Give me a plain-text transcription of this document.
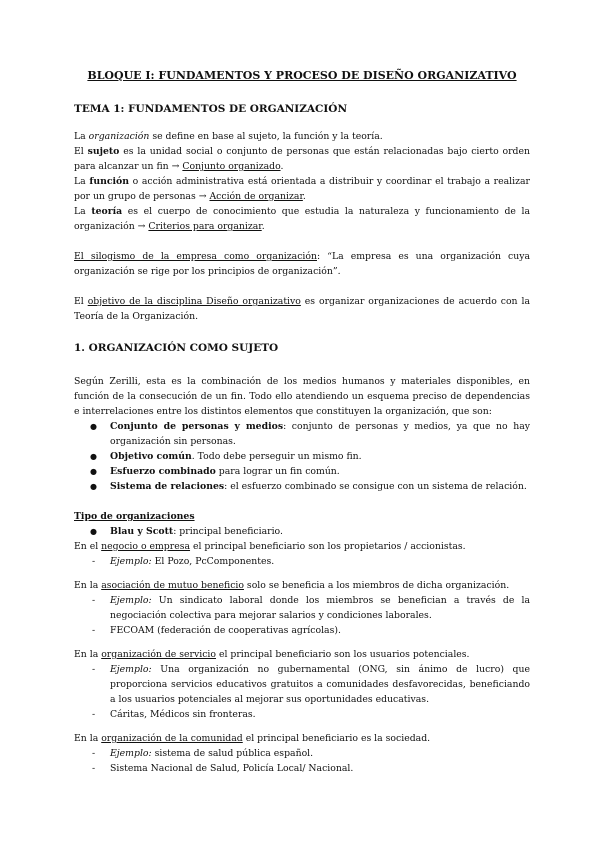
BLOQUE I: FUNDAMENTOS Y PROCESO DE DISEÑO ORGANIZATIVO
TEMA 1: FUNDAMENTOS DE ORGANIZACIÓN

La organización se define en base al sujeto, la función y la teoría.

El sujeto es la unidad social o conjunto de personas que están relacionadas bajo cierto orden para alcanzar un fin → Conjunto organizado.

La función o acción administrativa está orientada a distribuir y coordinar el trabajo a realizar por un grupo de personas → Acción de organizar.

La teoría es el cuerpo de conocimiento que estudia la naturaleza y funcionamiento de la organización → Criterios para organizar.

El silogismo de la empresa como organización: “La empresa es una organización cuya organización se rige por los principios de organización”.

El objetivo de la disciplina Diseño organizativo es organizar organizaciones de acuerdo con la Teoría de la Organización.

1. ORGANIZACIÓN COMO SUJETO

Según Zerilli, esta es la combinación de los medios humanos y materiales disponibles, en función de la consecución de un fin. Todo ello atendiendo un esquema preciso de dependencias e interrelaciones entre los distintos elementos que constituyen la organización, que son:

● Conjunto de personas y medios: conjunto de personas y medios, ya que no hay organización sin personas.
● Objetivo común. Todo debe perseguir un mismo fin.
● Esfuerzo combinado para lograr un fin común.
● Sistema de relaciones: el esfuerzo combinado se consigue con un sistema de relación.

Tipo de organizaciones

● Blau y Scott: principal beneficiario.

En el negocio o empresa el principal beneficiario son los propietarios / accionistas.

- Ejemplo: El Pozo, PcComponentes.

En la asociación de mutuo beneficio solo se beneficia a los miembros de dicha organización.

- Ejemplo: Un sindicato laboral donde los miembros se benefician a través de la negociación colectiva para mejorar salarios y condiciones laborales.
- FECOAM (federación de cooperativas agrícolas).

En la organización de servicio el principal beneficiario son los usuarios potenciales.

- Ejemplo: Una organización no gubernamental (ONG, sin ánimo de lucro) que proporciona servicios educativos gratuitos a comunidades desfavorecidas, beneficiando a los usuarios potenciales al mejorar sus oportunidades educativas.
- Cáritas, Médicos sin fronteras.

En la organización de la comunidad el principal beneficiario es la sociedad.

- Ejemplo: sistema de salud pública español.
- Sistema Nacional de Salud, Policía Local/ Nacional.
